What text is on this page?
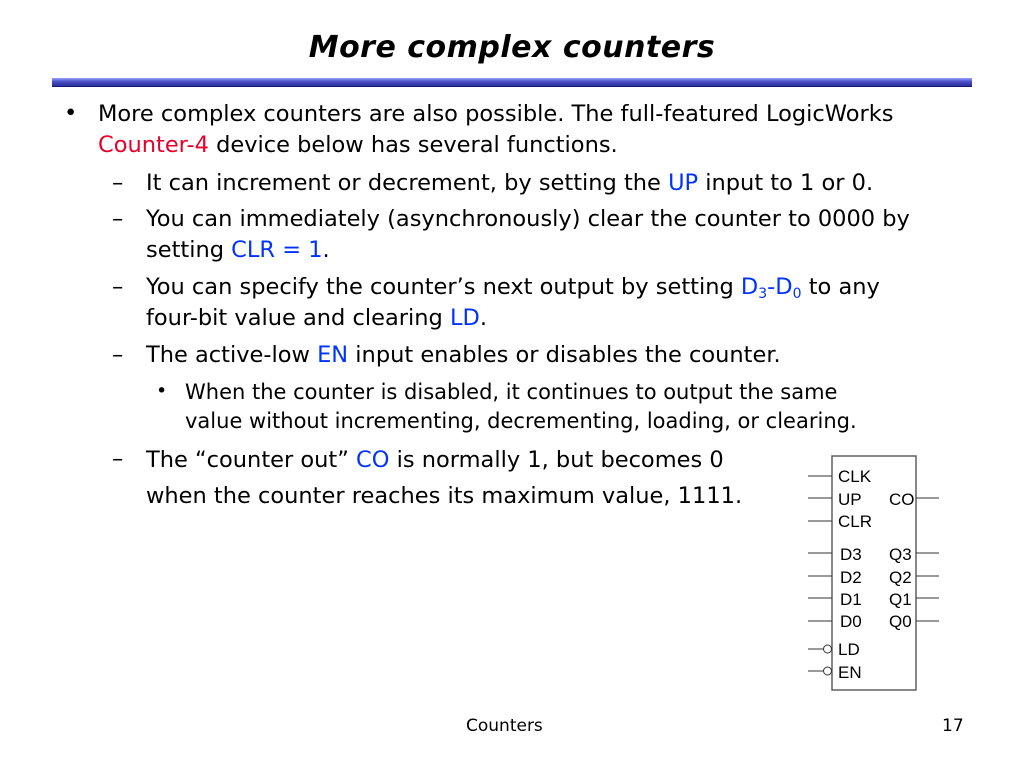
More complex counters
• More complex counters are also possible. The full-featured LogicWorks
Counter-4 device below has several functions.
– It can increment or decrement, by setting the UP input to 1 or 0.
– You can immediately (asynchronously) clear the counter to 0000 by
setting CLR = 1.
– You can specify the counter’s next output by setting $D_3-D_0$ to any
four-bit value and clearing LD.
– The active-low EN input enables or disables the counter.
• When the counter is disabled, it continues to output the same
value without incrementing, decrementing, loading, or clearing.
– The “counter out” CO is normally 1, but becomes 0
when the counter reaches its maximum value, 1111.
CLK
UP
CLR
CO
D3
D2
D1
D0
Q3
Q2
Q1
Q0
LD
EN
Counters	17
